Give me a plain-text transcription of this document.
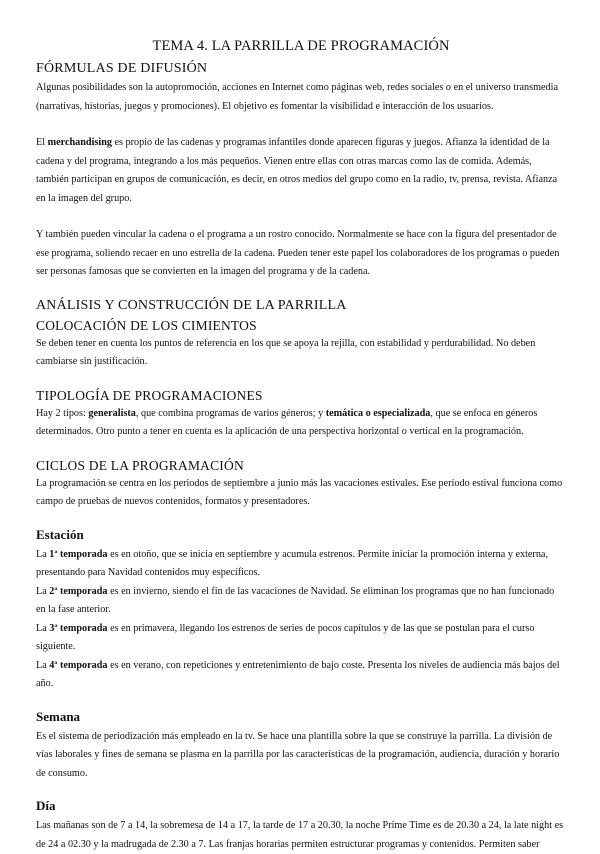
TEMA 4. LA PARRILLA DE PROGRAMACIÓN
FÓRMULAS DE DIFUSIÓN

Algunas posibilidades son la autopromoción, acciones en Internet como páginas web, redes sociales o en el universo transmedia (narrativas, historias, juegos y promociones). El objetivo es fomentar la visibilidad e interacción de los usuarios.

El merchandising es propio de las cadenas y programas infantiles donde aparecen figuras y juegos. Afianza la identidad de la cadena y del programa, integrando a los más pequeños. Vienen entre ellas con otras marcas como las de comida. Además, también participan en grupos de comunicación, es decir, en otros medios del grupo como en la radio, tv, prensa, revista. Afianza en la imagen del grupo.

Y también pueden vincular la cadena o el programa a un rostro conocido. Normalmente se hace con la figura del presentador de ese programa, soliendo recaer en uno estrella de la cadena. Pueden tener este papel los colaboradores de los programas o pueden ser personas famosas que se convierten en la imagen del programa y de la cadena.

ANÁLISIS Y CONSTRUCCIÓN DE LA PARRILLA
COLOCACIÓN DE LOS CIMIENTOS

Se deben tener en cuenta los puntos de referencia en los que se apoya la rejilla, con estabilidad y perdurabilidad. No deben cambiarse sin justificación.

TIPOLOGÍA DE PROGRAMACIONES

Hay 2 tipos: generalista, que combina programas de varios géneros; y temática o especializada, que se enfoca en géneros determinados. Otro punto a tener en cuenta es la aplicación de una perspectiva horizontal o vertical en la programación.

CICLOS DE LA PROGRAMACIÓN

La programación se centra en los periodos de septiembre a junio más las vacaciones estivales. Ese período estival funciona como campo de pruebas de nuevos contenidos, formatos y presentadores.

Estación

La 1ª temporada es en otoño, que se inicia en septiembre y acumula estrenos. Permite iniciar la promoción interna y externa, presentando para Navidad contenidos muy específicos.

La 2ª temporada es en invierno, siendo el fin de las vacaciones de Navidad. Se eliminan los programas que no han funcionado en la fase anterior.

La 3ª temporada es en primavera, llegando los estrenos de series de pocos capítulos y de las que se postulan para el curso siguiente.

La 4ª temporada es en verano, con repeticiones y entretenimiento de bajo coste. Presenta los niveles de audiencia más bajos del año.

Semana

Es el sistema de periodización más empleado en la tv. Se hace una plantilla sobre la que se construye la parrilla. La división de vías laborales y fines de semana se plasma en la parrilla por las características de la programación, audiencia, duración y horario de consumo.

Día

Las mañanas son de 7 a 14, la sobremesa de 14 a 17, la tarde de 17 a 20.30, la noche Prime Time es de 20.30 a 24, la late night es de 24 a 02.30 y la madrugada de 2.30 a 7. Las franjas horarias permiten estructurar programas y contenidos. Permiten saber
